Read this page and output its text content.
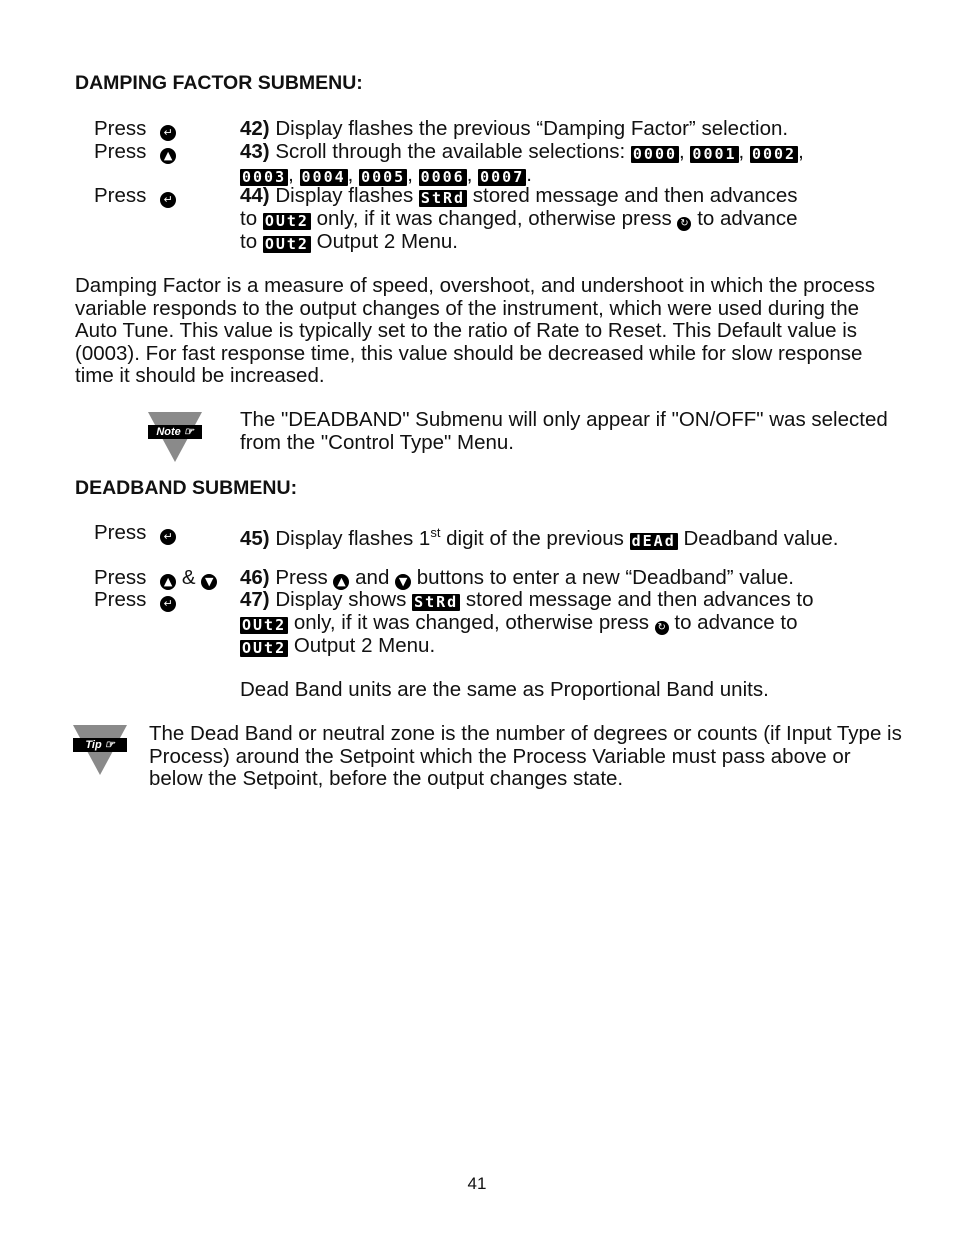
DAMPING FACTOR SUBMENU:
Press ↵	42) Display flashes the previous “Damping Factor” selection.
Press ▲	43) Scroll through the available selections: 0000, 0001, 0002,
0003, 0004, 0005, 0006, 0007.
Press ↵	44) Display flashes StRd stored message and then advances
to OUt2 only, if it was changed, otherwise press ↻ to advance
to OUt2 Output 2 Menu.
Damping Factor is a measure of speed, overshoot, and undershoot in which the process variable responds to the output changes of the instrument, which were used during the Auto Tune. This value is typically set to the ratio of Rate to Reset. This Default value is (0003). For fast response time, this value should be decreased while for slow response time it should be increased.
Note ☞
The "DEADBAND" Submenu will only appear if "ON/OFF" was selected from the "Control Type" Menu.
DEADBAND SUBMENU:
Press ↵	45) Display flashes 1st digit of the previous dEAd Deadband value.
Press ▲ & ▼ 46) Press ▲ and ▼ buttons to enter a new “Deadband” value.
Press ↵	47) Display shows StRd stored message and then advances to
OUt2 only, if it was changed, otherwise press ↻ to advance to
OUt2 Output 2 Menu.
Dead Band units are the same as Proportional Band units.
Tip ☞	The Dead Band or neutral zone is the number of degrees or counts (if Input Type is Process) around the Setpoint which the Process Variable must pass above or below the Setpoint, before the output changes state.
41
